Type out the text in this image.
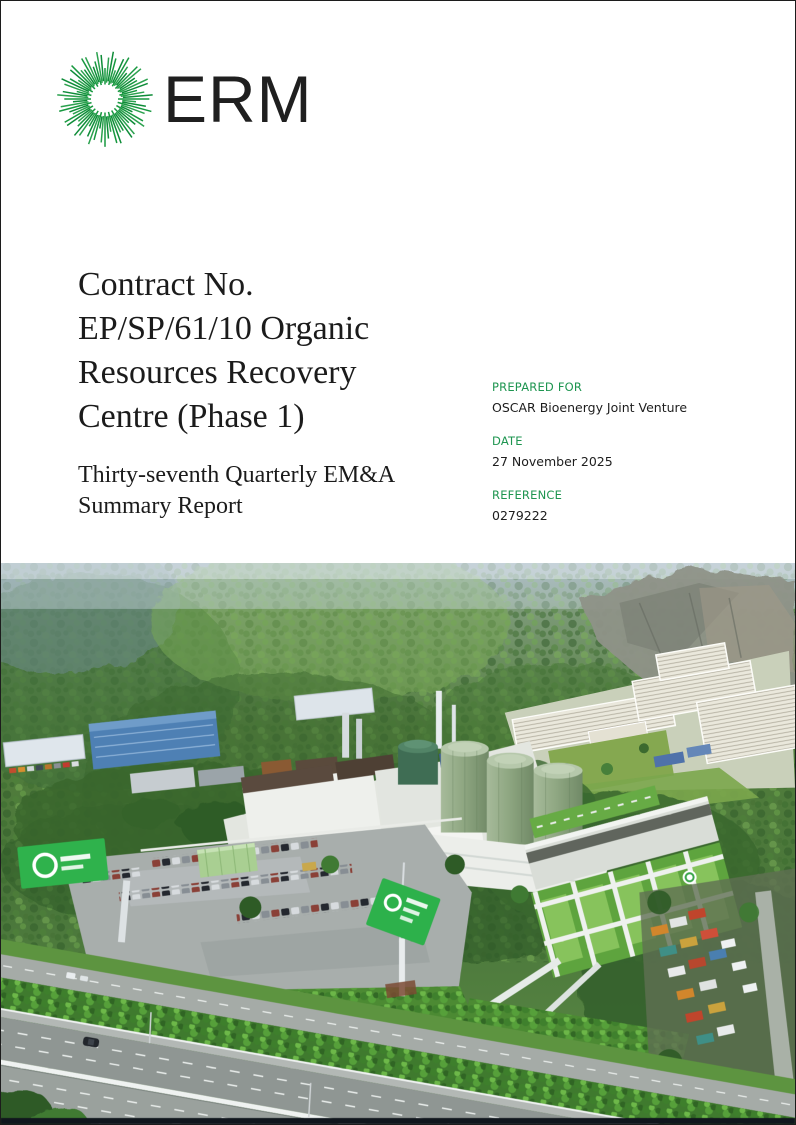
ERM
Contract No.
EP/SP/61/10 Organic
Resources Recovery
Centre (Phase 1)
Thirty-seventh Quarterly EM&A
Summary Report
PREPARED FOR
OSCAR Bioenergy Joint Venture
DATE
27 November 2025
REFERENCE
0279222
